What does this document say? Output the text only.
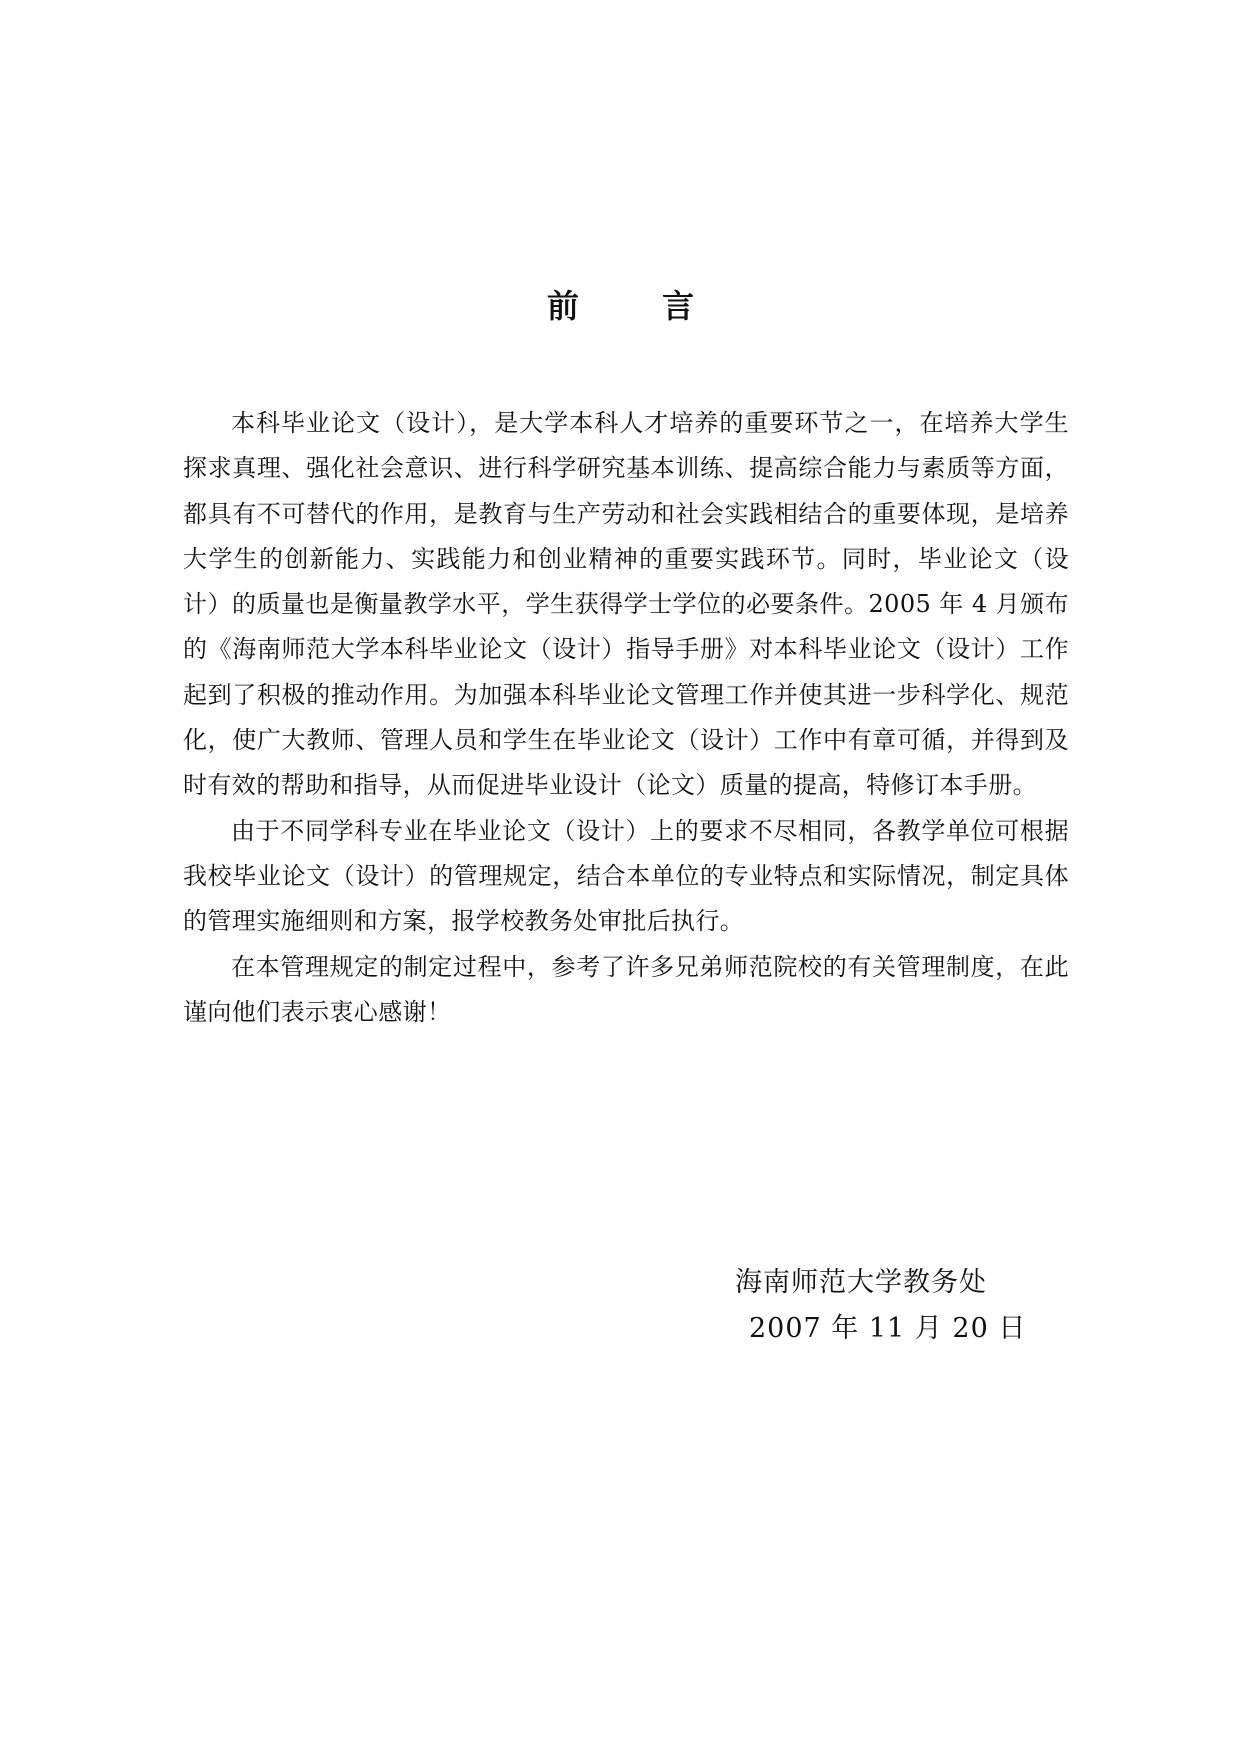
前 言

本科毕业论文（设计），是大学本科人才培养的重要环节之一，在培养大学生探求真理、强化社会意识、进行科学研究基本训练、提高综合能力与素质等方面，都具有不可替代的作用，是教育与生产劳动和社会实践相结合的重要体现，是培养大学生的创新能力、实践能力和创业精神的重要实践环节。同时，毕业论文（设计）的质量也是衡量教学水平，学生获得学士学位的必要条件。2005 年 4 月颁布的《海南师范大学本科毕业论文（设计）指导手册》对本科毕业论文（设计）工作起到了积极的推动作用。为加强本科毕业论文管理工作并使其进一步科学化、规范化，使广大教师、管理人员和学生在毕业论文（设计）工作中有章可循，并得到及时有效的帮助和指导，从而促进毕业设计（论文）质量的提高，特修订本手册。

由于不同学科专业在毕业论文（设计）上的要求不尽相同，各教学单位可根据我校毕业论文（设计）的管理规定，结合本单位的专业特点和实际情况，制定具体的管理实施细则和方案，报学校教务处审批后执行。

在本管理规定的制定过程中，参考了许多兄弟师范院校的有关管理制度，在此谨向他们表示衷心感谢！

海南师范大学教务处
2007 年 11 月 20 日
